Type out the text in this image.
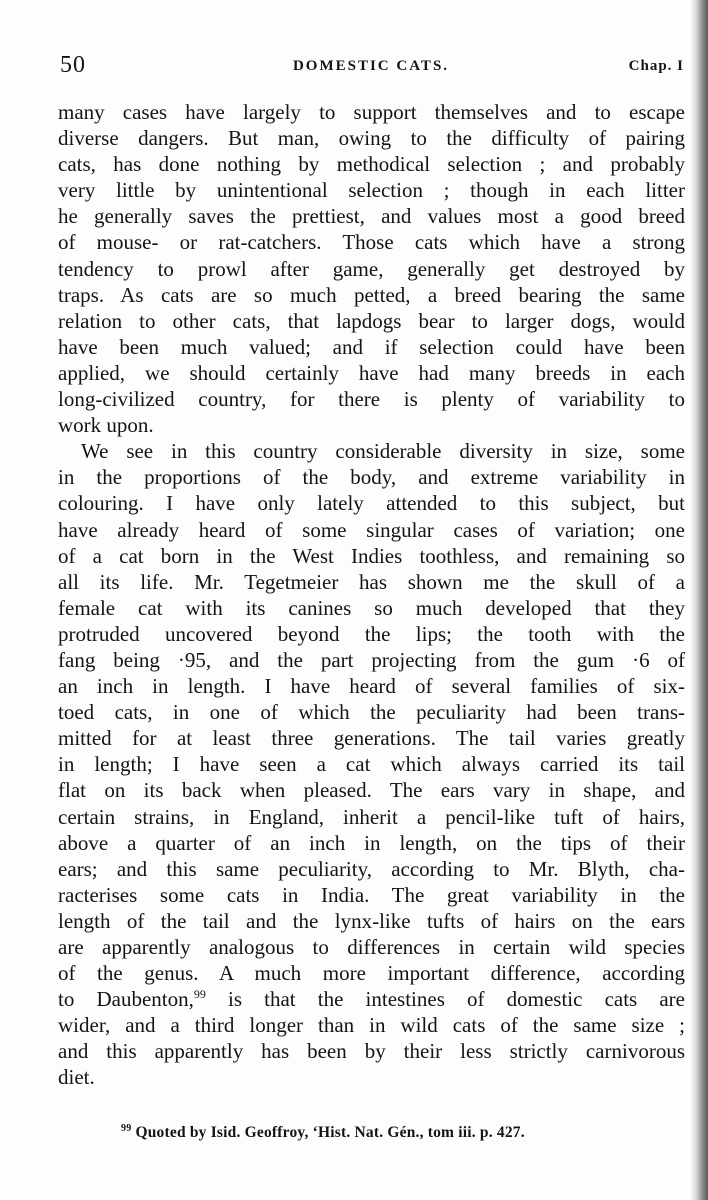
50	DOMESTIC CATS.	Chap. I
many cases have largely to support themselves and to escape
diverse dangers. But man, owing to the difficulty of pairing
cats, has done nothing by methodical selection ; and probably
very little by unintentional selection ; though in each litter
he generally saves the prettiest, and values most a good breed
of mouse- or rat-catchers. Those cats which have a strong
tendency to prowl after game, generally get destroyed by
traps. As cats are so much petted, a breed bearing the same
relation to other cats, that lapdogs bear to larger dogs, would
have been much valued; and if selection could have been
applied, we should certainly have had many breeds in each
long-civilized country, for there is plenty of variability to
work upon.
We see in this country considerable diversity in size, some
in the proportions of the body, and extreme variability in
colouring. I have only lately attended to this subject, but
have already heard of some singular cases of variation; one
of a cat born in the West Indies toothless, and remaining so
all its life. Mr. Tegetmeier has shown me the skull of a
female cat with its canines so much developed that they
protruded uncovered beyond the lips; the tooth with the
fang being ·95, and the part projecting from the gum ·6 of
an inch in length. I have heard of several families of six-
toed cats, in one of which the peculiarity had been trans-
mitted for at least three generations. The tail varies greatly
in length; I have seen a cat which always carried its tail
flat on its back when pleased. The ears vary in shape, and
certain strains, in England, inherit a pencil-like tuft of hairs,
above a quarter of an inch in length, on the tips of their
ears; and this same peculiarity, according to Mr. Blyth, cha-
racterises some cats in India. The great variability in the
length of the tail and the lynx-like tufts of hairs on the ears
are apparently analogous to differences in certain wild species
of the genus. A much more important difference, according
to Daubenton,$^{99}$ is that the intestines of domestic cats are
wider, and a third longer than in wild cats of the same size ;
and this apparently has been by their less strictly carnivorous
diet.
$^{99}$ Quoted by Isid. Geoffroy, ‘Hist. Nat. Gén., tom iii. p. 427.
